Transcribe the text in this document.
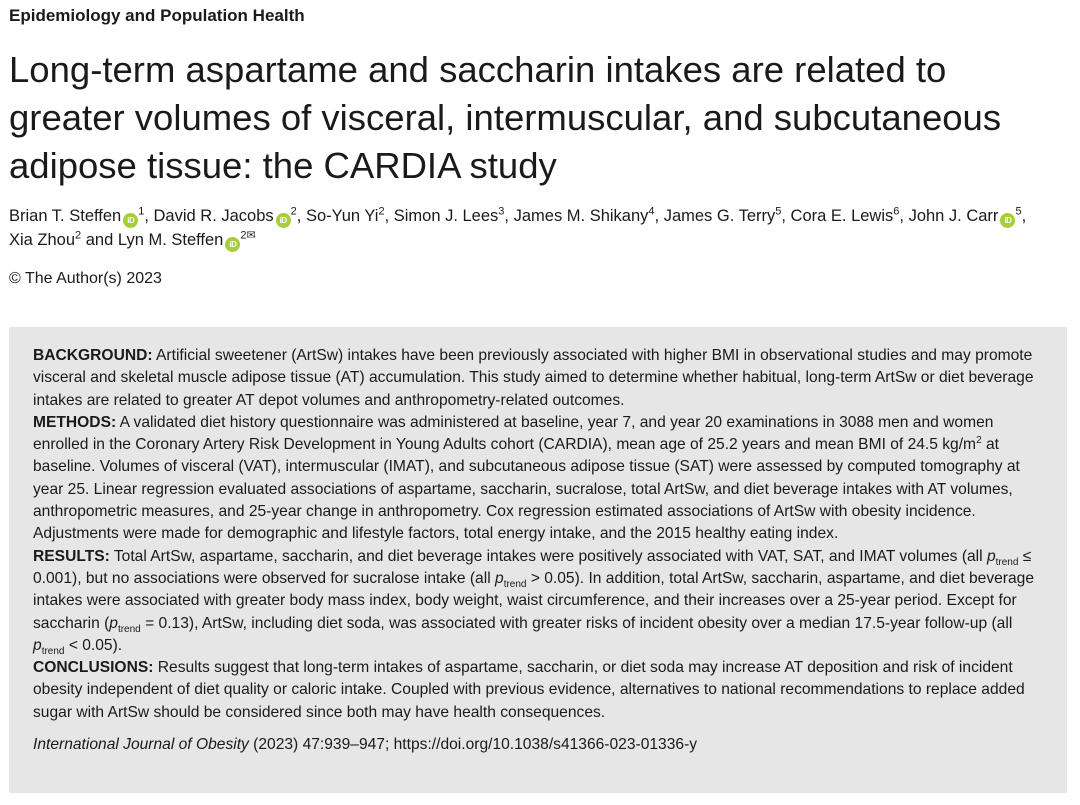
Epidemiology and Population Health
Long-term aspartame and saccharin intakes are related to greater volumes of visceral, intermuscular, and subcutaneous adipose tissue: the CARDIA study
Brian T. Steffen $iD^1$, David R. Jacobs $iD^2$, So-Yun Yi$^2$, Simon J. Lees$^3$, James M. Shikany$^4$, James G. Terry$^5$, Cora E. Lewis$^6$, John J. Carr $iD^5$,
Xia Zhou$^2$ and Lyn M. Steffen $iD^{2✉}$
© The Author(s) 2023

BACKGROUND: Artificial sweetener (ArtSw) intakes have been previously associated with higher BMI in observational studies and may promote visceral and skeletal muscle adipose tissue (AT) accumulation. This study aimed to determine whether habitual, long-term ArtSw or diet beverage intakes are related to greater AT depot volumes and anthropometry-related outcomes.

METHODS: A validated diet history questionnaire was administered at baseline, year 7, and year 20 examinations in 3088 men and women enrolled in the Coronary Artery Risk Development in Young Adults cohort (CARDIA), mean age of 25.2 years and mean BMI of 24.5 $kg/m^2$ at baseline. Volumes of visceral (VAT), intermuscular (IMAT), and subcutaneous adipose tissue (SAT) were assessed by computed tomography at year 25. Linear regression evaluated associations of aspartame, saccharin, sucralose, total ArtSw, and diet beverage intakes with AT volumes, anthropometric measures, and 25-year change in anthropometry. Cox regression estimated associations of ArtSw with obesity incidence. Adjustments were made for demographic and lifestyle factors, total energy intake, and the 2015 healthy eating index.

RESULTS: Total ArtSw, aspartame, saccharin, and diet beverage intakes were positively associated with VAT, SAT, and IMAT volumes (all $p_{trend} \le 0.001$), but no associations were observed for sucralose intake (all $p_{trend} > 0.05$). In addition, total ArtSw, saccharin, aspartame, and diet beverage intakes were associated with greater body mass index, body weight, waist circumference, and their increases over a 25-year period. Except for saccharin $(p_{trend} = 0.13)$, ArtSw, including diet soda, was associated with greater risks of incident obesity over a median 17.5-year follow-up (all $p_{trend} < 0.05$).

CONCLUSIONS: Results suggest that long-term intakes of aspartame, saccharin, or diet soda may increase AT deposition and risk of incident obesity independent of diet quality or caloric intake. Coupled with previous evidence, alternatives to national recommendations to replace added sugar with ArtSw should be considered since both may have health consequences.

International Journal of Obesity (2023) 47:939–947; https://doi.org/10.1038/s41366-023-01336-y
